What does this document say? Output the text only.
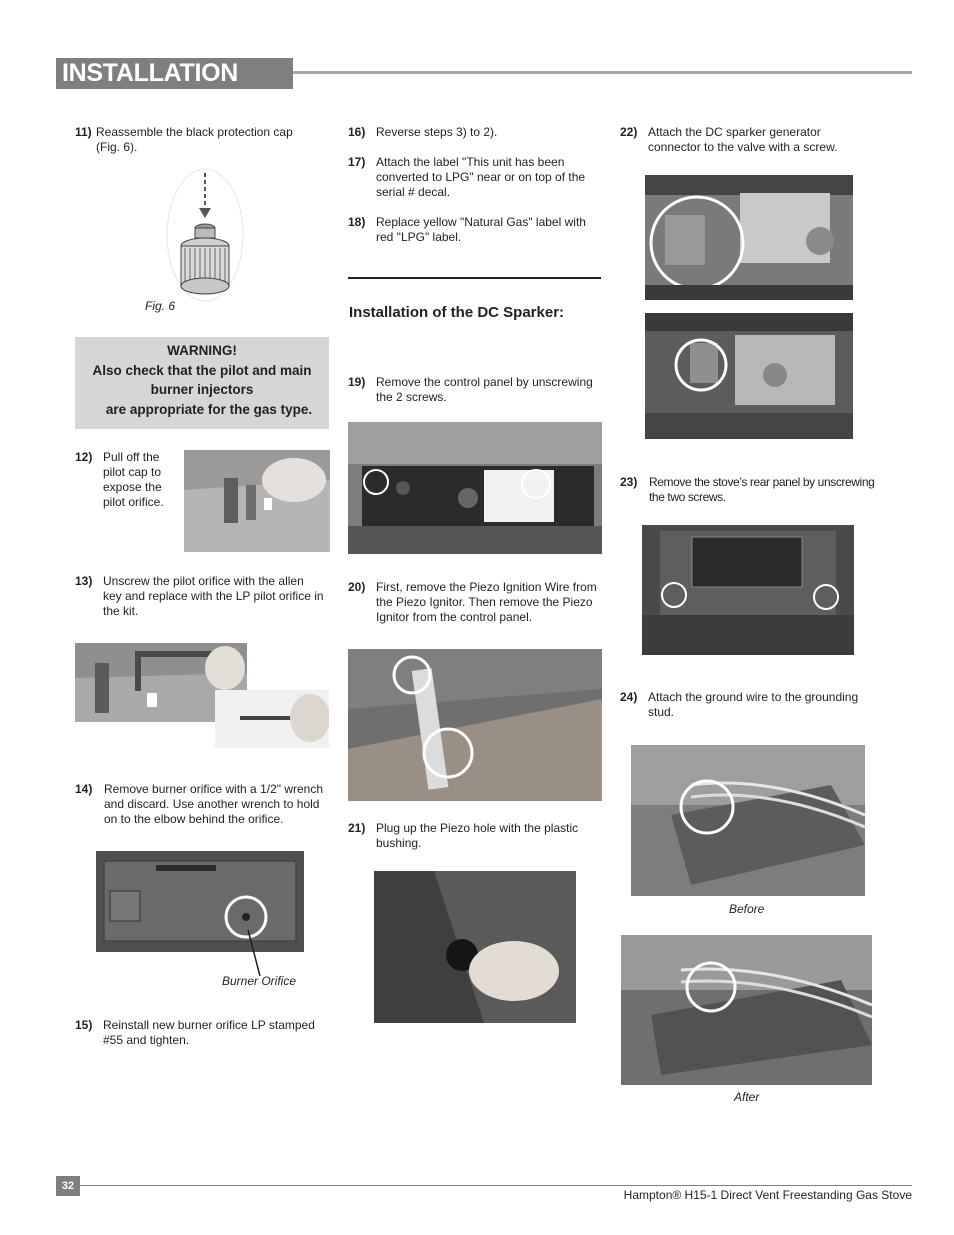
INSTALLATION
11) Reassemble the black protection cap (Fig. 6).
Fig. 6
WARNING!
Also check that the pilot and main
burner injectors
are appropriate for the gas type.
12) Pull off the pilot cap to expose the pilot orifice.
13) Unscrew the pilot orifice with the allen key and replace with the LP pilot orifice in the kit.
14) Remove burner orifice with a 1/2" wrench and discard. Use another wrench to hold on to the elbow behind the orifice.
Burner Orifice
15) Reinstall new burner orifice LP stamped #55 and tighten.
16) Reverse steps 3) to 2).
17) Attach the label "This unit has been converted to LPG" near or on top of the serial # decal.
18) Replace yellow "Natural Gas" label with red "LPG" label.
Installation of the DC Sparker:
19) Remove the control panel by unscrewing the 2 screws.
20) First, remove the Piezo Ignition Wire from the Piezo Ignitor. Then remove the Piezo Ignitor from the control panel.
21) Plug up the Piezo hole with the plastic bushing.
22) Attach the DC sparker generator connector to the valve with a screw.
23) Remove the stove’s rear panel by unscrewing the two screws.
24) Attach the ground wire to the grounding stud.
Before
After
32
Hampton® H15-1 Direct Vent Freestanding Gas Stove
